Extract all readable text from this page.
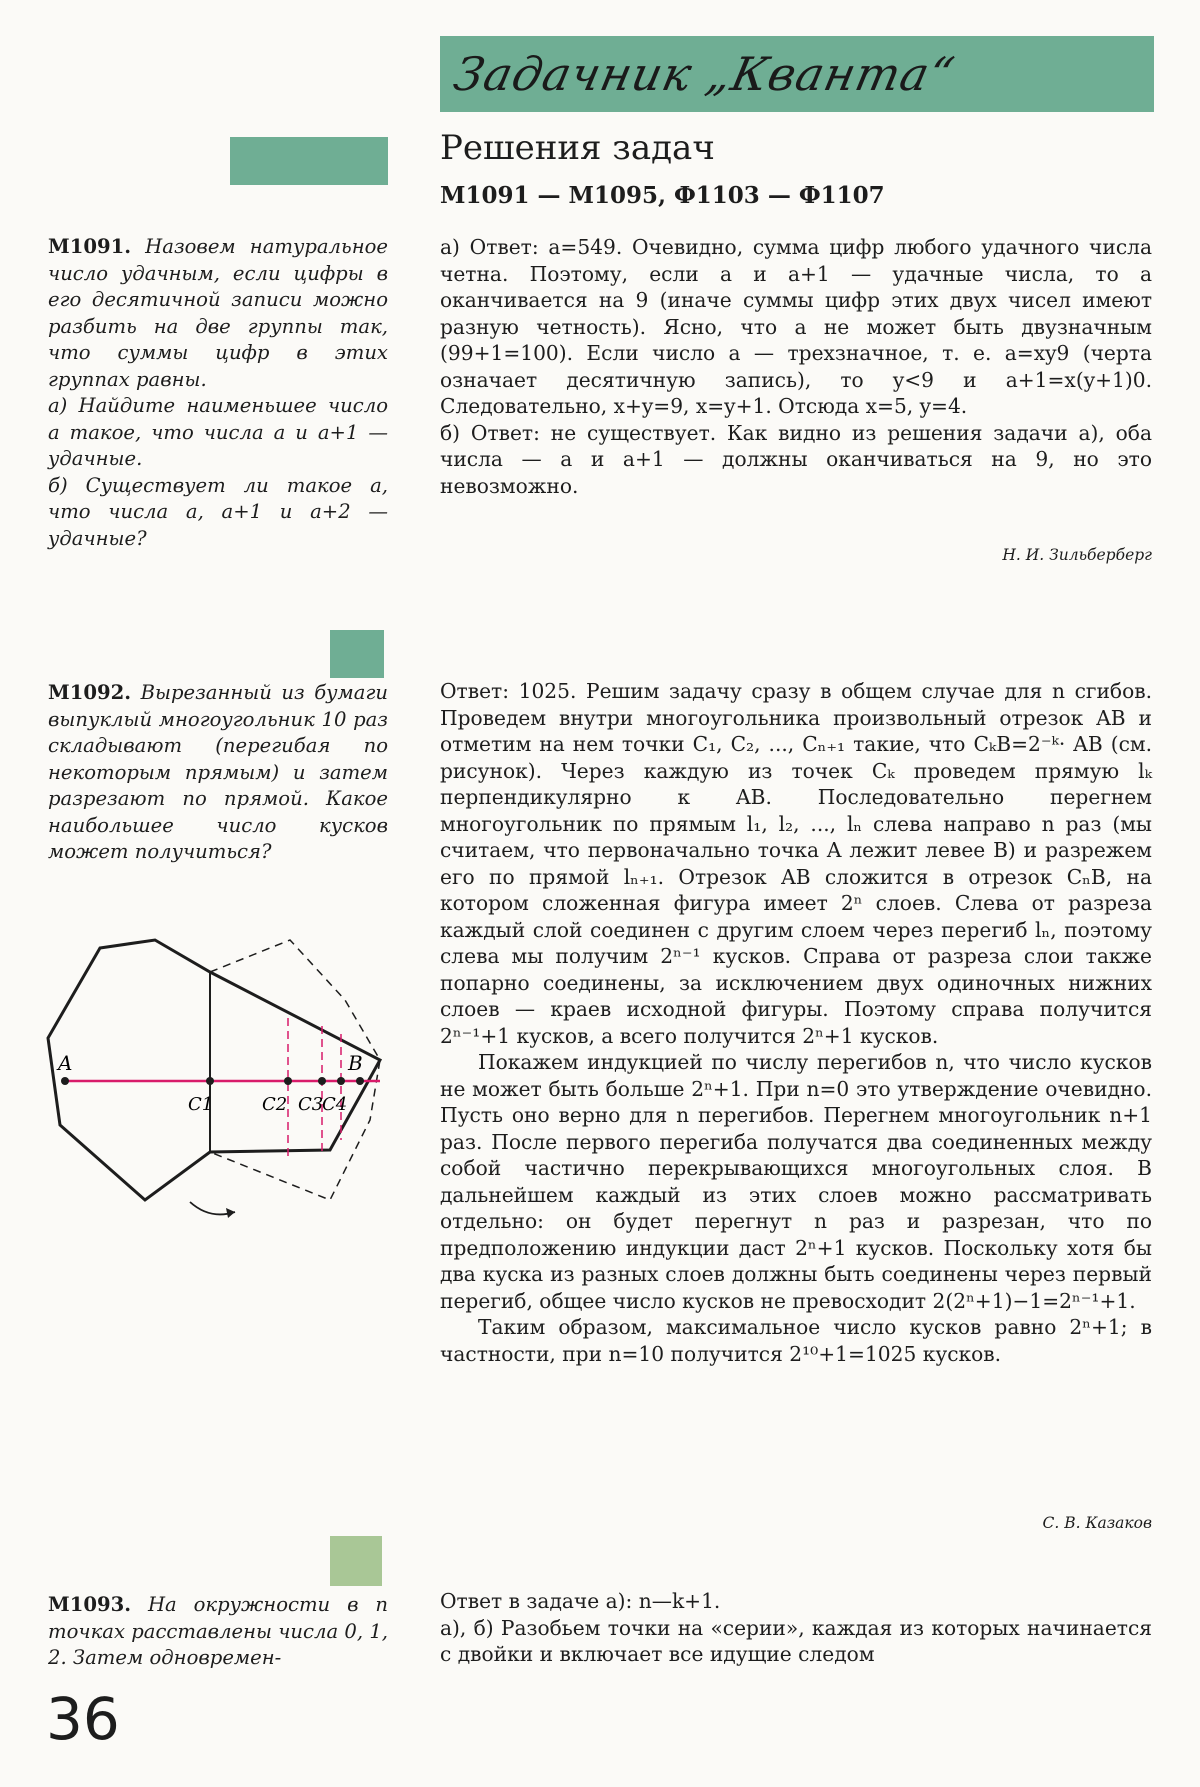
Задачник „Кванта“
Решения задач
M1091 — M1095, Ф1103 — Ф1107
M1091. Назовем натуральное число удачным, если цифры в его десятичной записи можно разбить на две группы так, что суммы цифр в этих группах равны.
а) Найдите наименьшее число а такое, что числа а и а+1 — удачные.
б) Существует ли такое а, что числа а, а+1 и а+2 — удачные?

а) Ответ: a=549. Очевидно, сумма цифр любого удачного числа четна. Поэтому, если a и a+1 — удачные числа, то a оканчивается на 9 (иначе суммы цифр этих двух чисел имеют разную четность). Ясно, что a не может быть двузначным (99+1=100). Если число a — трехзначное, т. е. a=xy9 (черта означает десятичную запись), то y<9 и a+1=x(y+1)0. Следовательно, x+y=9, x=y+1. Отсюда x=5, y=4.

б) Ответ: не существует. Как видно из решения задачи а), оба числа — a и a+1 — должны оканчиваться на 9, но это невозможно.

Н. И. Зильберберг
M1092. Вырезанный из бумаги выпуклый многоугольник 10 раз складывают (перегибая по некоторым прямым) и затем разрезают по прямой. Какое наибольшее число кусков может получиться?
A	B
C1	C2 C3
C4

Ответ: 1025. Решим задачу сразу в общем случае для n сгибов. Проведем внутри многоугольника произвольный отрезок AB и отметим на нем точки C₁, C₂, ..., Cₙ₊₁ такие, что CₖB=2⁻ᵏ· AB (см. рисунок). Через каждую из точек Cₖ проведем прямую lₖ перпендикулярно к AB. Последовательно перегнем многоугольник по прямым l₁, l₂, ..., lₙ слева направо n раз (мы считаем, что первоначально точка A лежит левее B) и разрежем его по прямой lₙ₊₁. Отрезок AB сложится в отрезок CₙB, на котором сложенная фигура имеет 2ⁿ слоев. Слева от разреза каждый слой соединен с другим слоем через перегиб lₙ, поэтому слева мы получим 2ⁿ⁻¹ кусков. Справа от разреза слои также попарно соединены, за исключением двух одиночных нижних слоев — краев исходной фигуры. Поэтому справа получится 2ⁿ⁻¹+1 кусков, а всего получится 2ⁿ+1 кусков.

Покажем индукцией по числу перегибов n, что число кусков не может быть больше 2ⁿ+1. При n=0 это утверждение очевидно. Пусть оно верно для n перегибов. Перегнем многоугольник n+1 раз. После первого перегиба получатся два соединенных между собой частично перекрывающихся многоугольных слоя. В дальнейшем каждый из этих слоев можно рассматривать отдельно: он будет перегнут n раз и разрезан, что по предположению индукции даст 2ⁿ+1 кусков. Поскольку хотя бы два куска из разных слоев должны быть соединены через первый перегиб, общее число кусков не превосходит 2(2ⁿ+1)−1=2ⁿ⁻¹+1.

Таким образом, максимальное число кусков равно 2ⁿ+1; в частности, при n=10 получится 2¹⁰+1=1025 кусков.

С. В. Казаков
M1093. На окружности в n точках расставлены числа 0, 1, 2. Затем одновремен-

Ответ в задаче а): n—k+1.

а), б) Разобьем точки на «серии», каждая из которых начинается с двойки и включает все идущие следом

36
